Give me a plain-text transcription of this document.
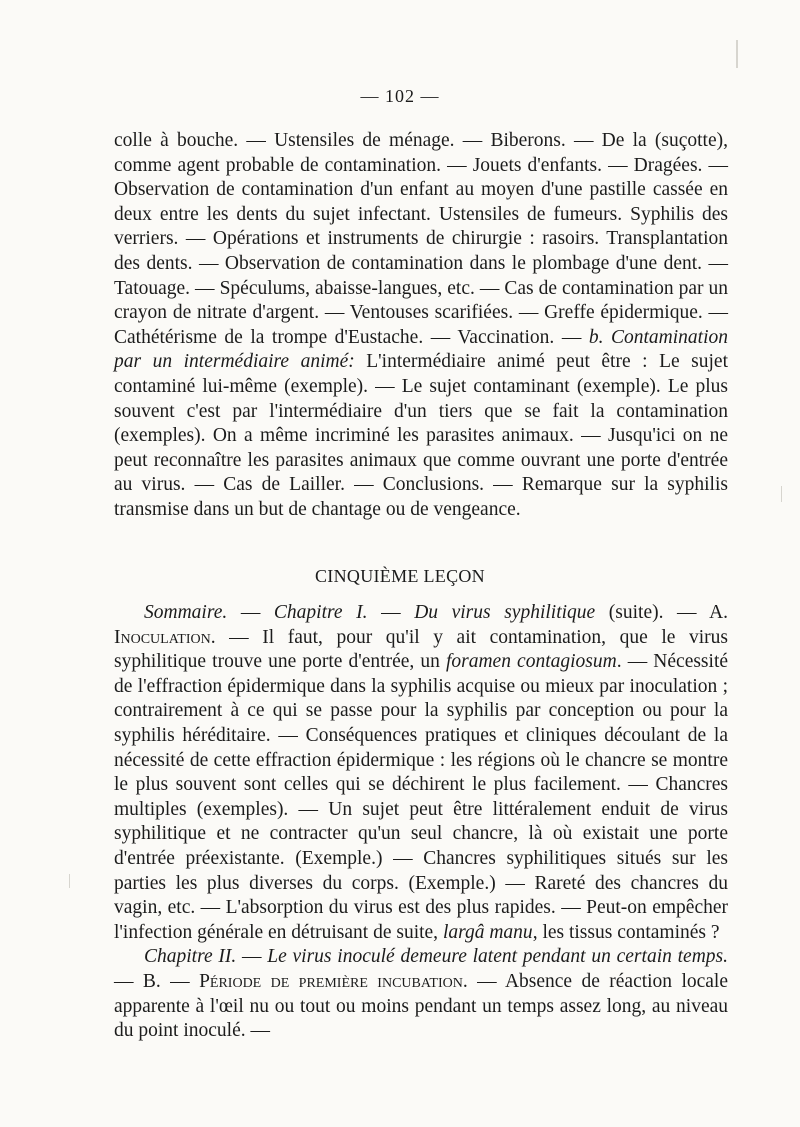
— 102 —

colle à bouche. — Ustensiles de ménage. — Biberons. — De la (suçotte), comme agent probable de contamination. — Jouets d'enfants. — Dragées. — Observation de contamination d'un enfant au moyen d'une pastille cassée en deux entre les dents du sujet infectant. Ustensiles de fumeurs. Syphilis des verriers. — Opérations et instruments de chirurgie : rasoirs. Transplantation des dents. — Observation de contamination dans le plombage d'une dent. — Tatouage. — Spéculums, abaisse-langues, etc. — Cas de contamination par un crayon de nitrate d'argent. — Ventouses scarifiées. — Greffe épidermique. — Cathétérisme de la trompe d'Eustache. — Vaccination. — b. Contamination par un intermédiaire animé: L'intermédiaire animé peut être : Le sujet contaminé lui-même (exemple). — Le sujet contaminant (exemple). Le plus souvent c'est par l'intermédiaire d'un tiers que se fait la contamination (exemples). On a même incriminé les parasites animaux. — Jusqu'ici on ne peut reconnaître les parasites animaux que comme ouvrant une porte d'entrée au virus. — Cas de Lailler. — Conclusions. — Remarque sur la syphilis transmise dans un but de chantage ou de vengeance.

CINQUIÈME LEÇON

Sommaire. — Chapitre I. — Du virus syphilitique (suite). — A. Inoculation. — Il faut, pour qu'il y ait contamination, que le virus syphilitique trouve une porte d'entrée, un foramen contagiosum. — Nécessité de l'effraction épidermique dans la syphilis acquise ou mieux par inoculation ; contrairement à ce qui se passe pour la syphilis par conception ou pour la syphilis héréditaire. — Conséquences pratiques et cliniques découlant de la nécessité de cette effraction épidermique : les régions où le chancre se montre le plus souvent sont celles qui se déchirent le plus facilement. — Chancres multiples (exemples). — Un sujet peut être littéralement enduit de virus syphilitique et ne contracter qu'un seul chancre, là où existait une porte d'entrée préexistante. (Exemple.) — Chancres syphilitiques situés sur les parties les plus diverses du corps. (Exemple.) — Rareté des chancres du vagin, etc. — L'absorption du virus est des plus rapides. — Peut-on empêcher l'infection générale en détruisant de suite, largâ manu, les tissus contaminés ?

Chapitre II. — Le virus inoculé demeure latent pendant un certain temps. — B. — Période de première incubation. — Absence de réaction locale apparente à l'œil nu ou tout ou moins pendant un temps assez long, au niveau du point inoculé. —
